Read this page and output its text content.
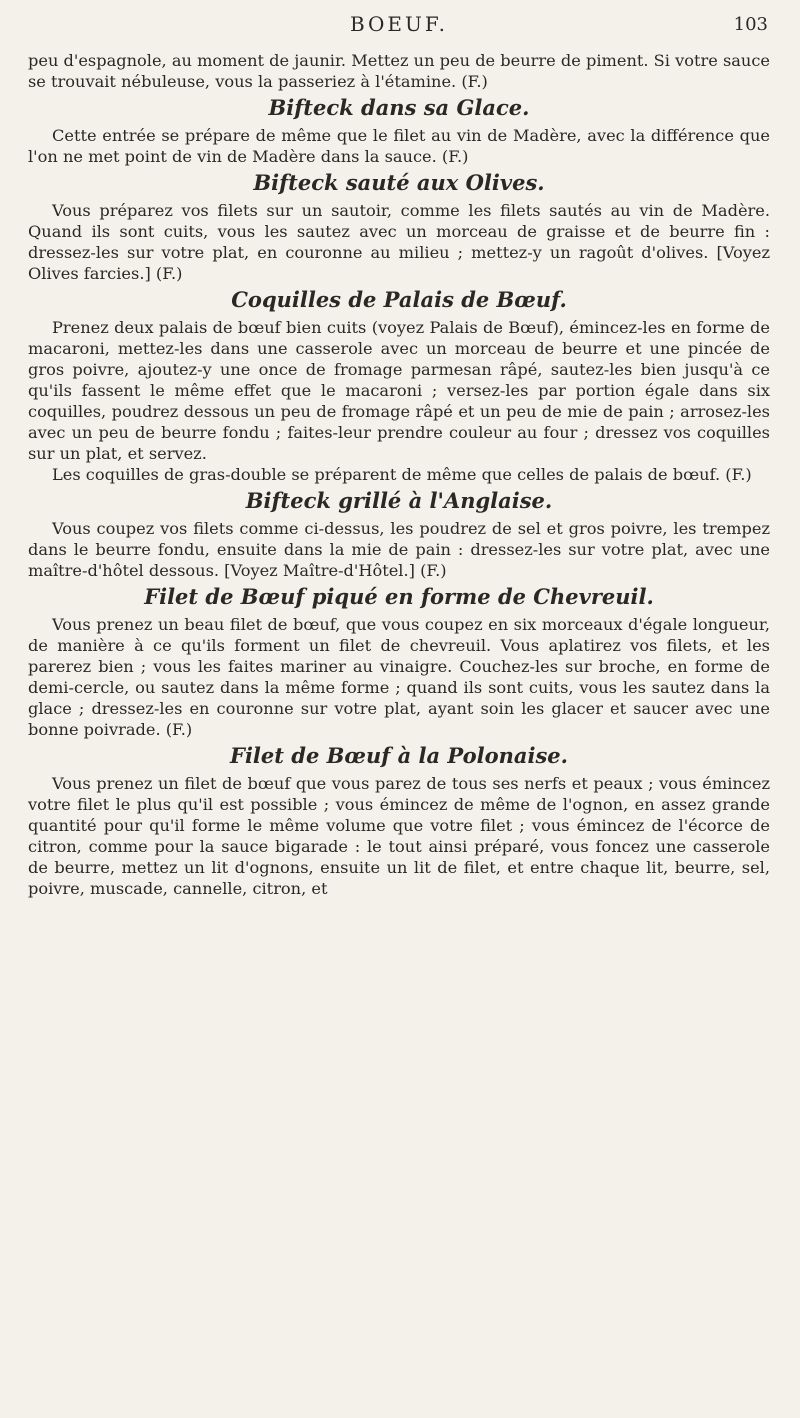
BOEUF.	103

peu d'espagnole, au moment de jaunir. Mettez un peu de beurre de piment. Si votre sauce se trouvait nébuleuse, vous la passeriez à l'étamine. (F.)

Bifteck dans sa Glace.

Cette entrée se prépare de même que le filet au vin de Madère, avec la différence que l'on ne met point de vin de Madère dans la sauce. (F.)

Bifteck sauté aux Olives.

Vous préparez vos filets sur un sautoir, comme les filets sautés au vin de Madère. Quand ils sont cuits, vous les sautez avec un morceau de graisse et de beurre fin : dressez-les sur votre plat, en couronne au milieu ; mettez-y un ragoût d'olives. [Voyez Olives farcies.] (F.)

Coquilles de Palais de Bœuf.

Prenez deux palais de bœuf bien cuits (voyez Palais de Bœuf), émincez-les en forme de macaroni, mettez-les dans une casserole avec un morceau de beurre et une pincée de gros poivre, ajoutez-y une once de fromage parmesan râpé, sautez-les bien jusqu'à ce qu'ils fassent le même effet que le macaroni ; versez-les par portion égale dans six coquilles, poudrez dessous un peu de fromage râpé et un peu de mie de pain ; arrosez-les avec un peu de beurre fondu ; faites-leur prendre couleur au four ; dressez vos coquilles sur un plat, et servez.

Les coquilles de gras-double se préparent de même que celles de palais de bœuf. (F.)

Bifteck grillé à l'Anglaise.

Vous coupez vos filets comme ci-dessus, les poudrez de sel et gros poivre, les trempez dans le beurre fondu, ensuite dans la mie de pain : dressez-les sur votre plat, avec une maître-d'hôtel dessous. [Voyez Maître-d'Hôtel.] (F.)

Filet de Bœuf piqué en forme de Chevreuil.

Vous prenez un beau filet de bœuf, que vous coupez en six morceaux d'égale longueur, de manière à ce qu'ils forment un filet de chevreuil. Vous aplatirez vos filets, et les parerez bien ; vous les faites mariner au vinaigre. Couchez-les sur broche, en forme de demi-cercle, ou sautez dans la même forme ; quand ils sont cuits, vous les sautez dans la glace ; dressez-les en couronne sur votre plat, ayant soin les glacer et saucer avec une bonne poivrade. (F.)

Filet de Bœuf à la Polonaise.

Vous prenez un filet de bœuf que vous parez de tous ses nerfs et peaux ; vous émincez votre filet le plus qu'il est possible ; vous émincez de même de l'ognon, en assez grande quantité pour qu'il forme le même volume que votre filet ; vous émincez de l'écorce de citron, comme pour la sauce bigarade : le tout ainsi préparé, vous foncez une casserole de beurre, mettez un lit d'ognons, ensuite un lit de filet, et entre chaque lit, beurre, sel, poivre, muscade, cannelle, citron, et
